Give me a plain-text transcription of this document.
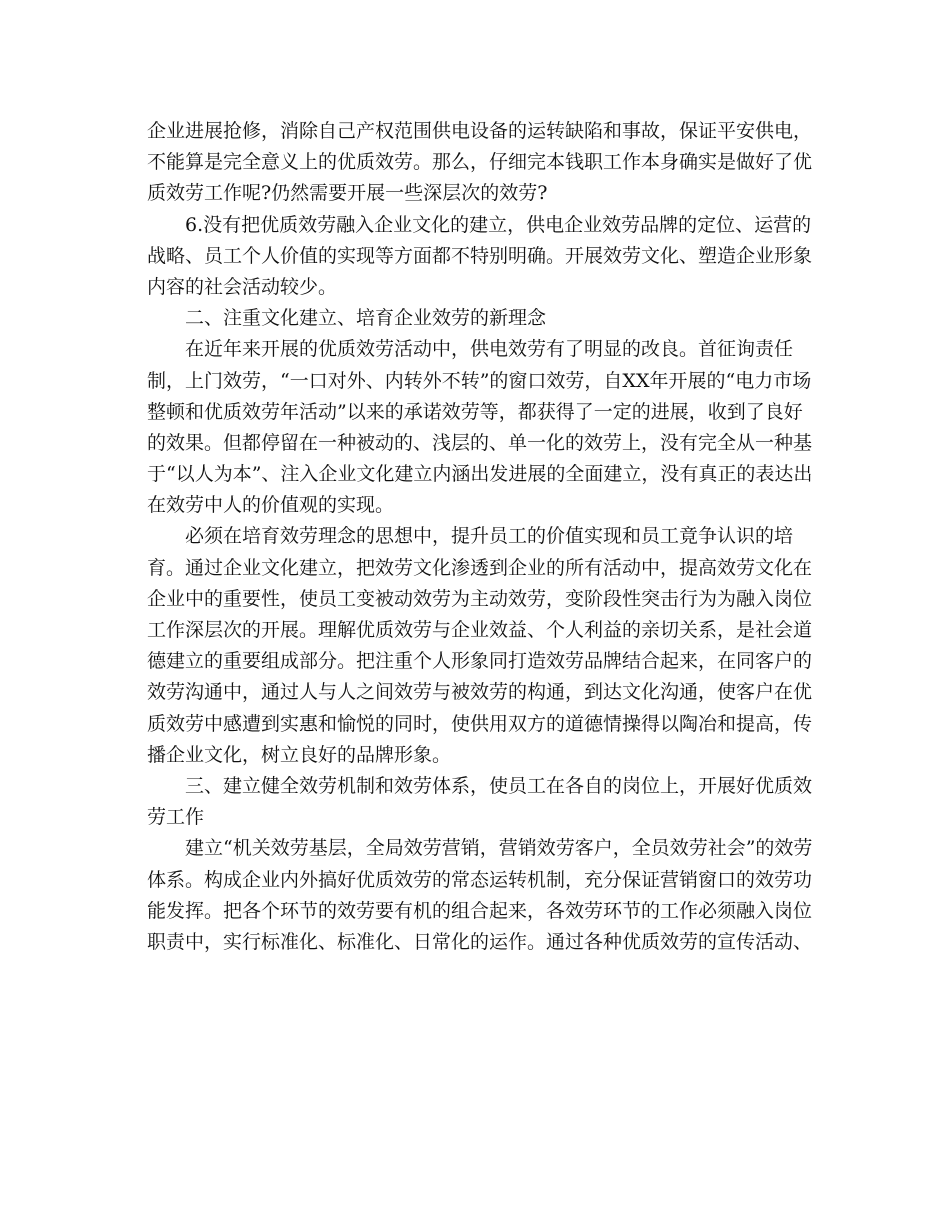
企业进展抢修，消除自己产权范围供电设备的运转缺陷和事故，保证平安供电，
不能算是完全意义上的优质效劳。那么，仔细完本钱职工作本身确实是做好了优
质效劳工作呢?仍然需要开展一些深层次的效劳?
6.没有把优质效劳融入企业文化的建立，供电企业效劳品牌的定位、运营的
战略、员工个人价值的实现等方面都不特别明确。开展效劳文化、塑造企业形象
内容的社会活动较少。
二、注重文化建立、培育企业效劳的新理念
在近年来开展的优质效劳活动中，供电效劳有了明显的改良。首征询责任
制，上门效劳，“一口对外、内转外不转”的窗口效劳，自XX年开展的“电力市场
整顿和优质效劳年活动”以来的承诺效劳等，都获得了一定的进展，收到了良好
的效果。但都停留在一种被动的、浅层的、单一化的效劳上，没有完全从一种基
于“以人为本”、注入企业文化建立内涵出发进展的全面建立，没有真正的表达出
在效劳中人的价值观的实现。
必须在培育效劳理念的思想中，提升员工的价值实现和员工竟争认识的培
育。通过企业文化建立，把效劳文化渗透到企业的所有活动中，提高效劳文化在
企业中的重要性，使员工变被动效劳为主动效劳，变阶段性突击行为为融入岗位
工作深层次的开展。理解优质效劳与企业效益、个人利益的亲切关系，是社会道
德建立的重要组成部分。把注重个人形象同打造效劳品牌结合起来，在同客户的
效劳沟通中，通过人与人之间效劳与被效劳的构通，到达文化沟通，使客户在优
质效劳中感遭到实惠和愉悦的同时，使供用双方的道德情操得以陶冶和提高，传
播企业文化，树立良好的品牌形象。
三、建立健全效劳机制和效劳体系，使员工在各自的岗位上，开展好优质效
劳工作
建立“机关效劳基层，全局效劳营销，营销效劳客户，全员效劳社会”的效劳
体系。构成企业内外搞好优质效劳的常态运转机制，充分保证营销窗口的效劳功
能发挥。把各个环节的效劳要有机的组合起来，各效劳环节的工作必须融入岗位
职责中，实行标准化、标准化、日常化的运作。通过各种优质效劳的宣传活动、
